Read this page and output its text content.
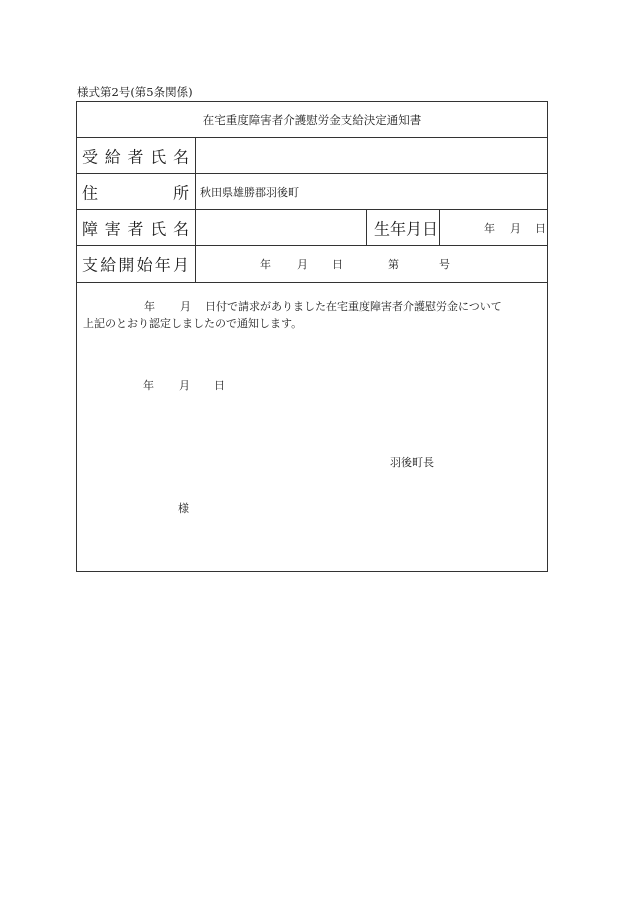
様式第2号(第5条関係)
在宅重度障害者介護慰労金支給決定通知書
受 給 者 氏 名
住	所 秋田県雄勝郡羽後町
障 害 者 氏 名	生 年 月 日	年 月 日
支 給 開 始 年 月	年 月 日	第	号
年 月 日付で請求がありました在宅重度障害者介護慰労金について
上記のとおり認定しましたので通知します。
年 月 日
羽後町長
様
